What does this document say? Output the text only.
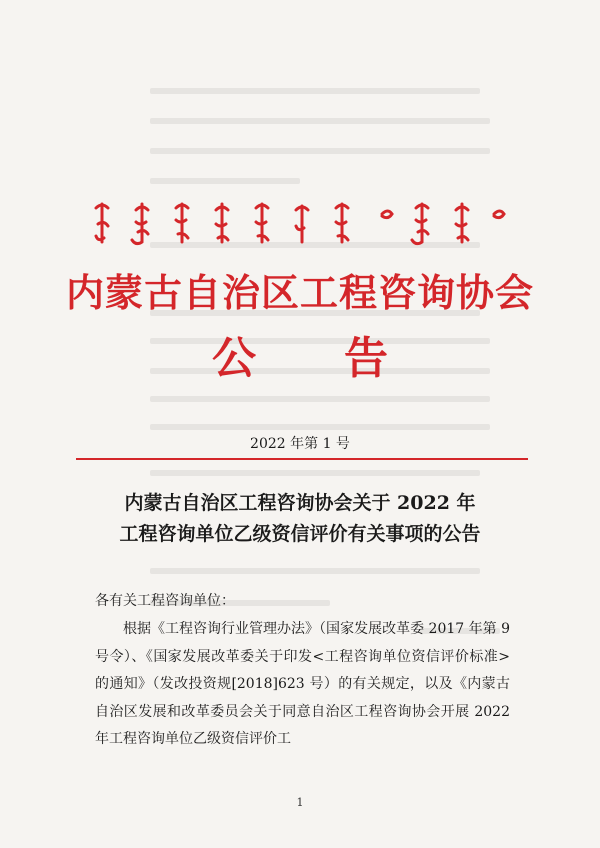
内蒙古自治区工程咨询协会
公告
2022 年第 1 号
内蒙古自治区工程咨询协会关于 2022 年
工程咨询单位乙级资信评价有关事项的公告
各有关工程咨询单位：
根据《工程咨询行业管理办法》（国家发展改革委 2017 年第 9 号令）、《国家发展改革委关于印发<工程咨询单位资信评价标准>的通知》（发改投资规[2018]623 号）的有关规定，以及《内蒙古自治区发展和改革委员会关于同意自治区工程咨询协会开展 2022 年工程咨询单位乙级资信评价工
1
